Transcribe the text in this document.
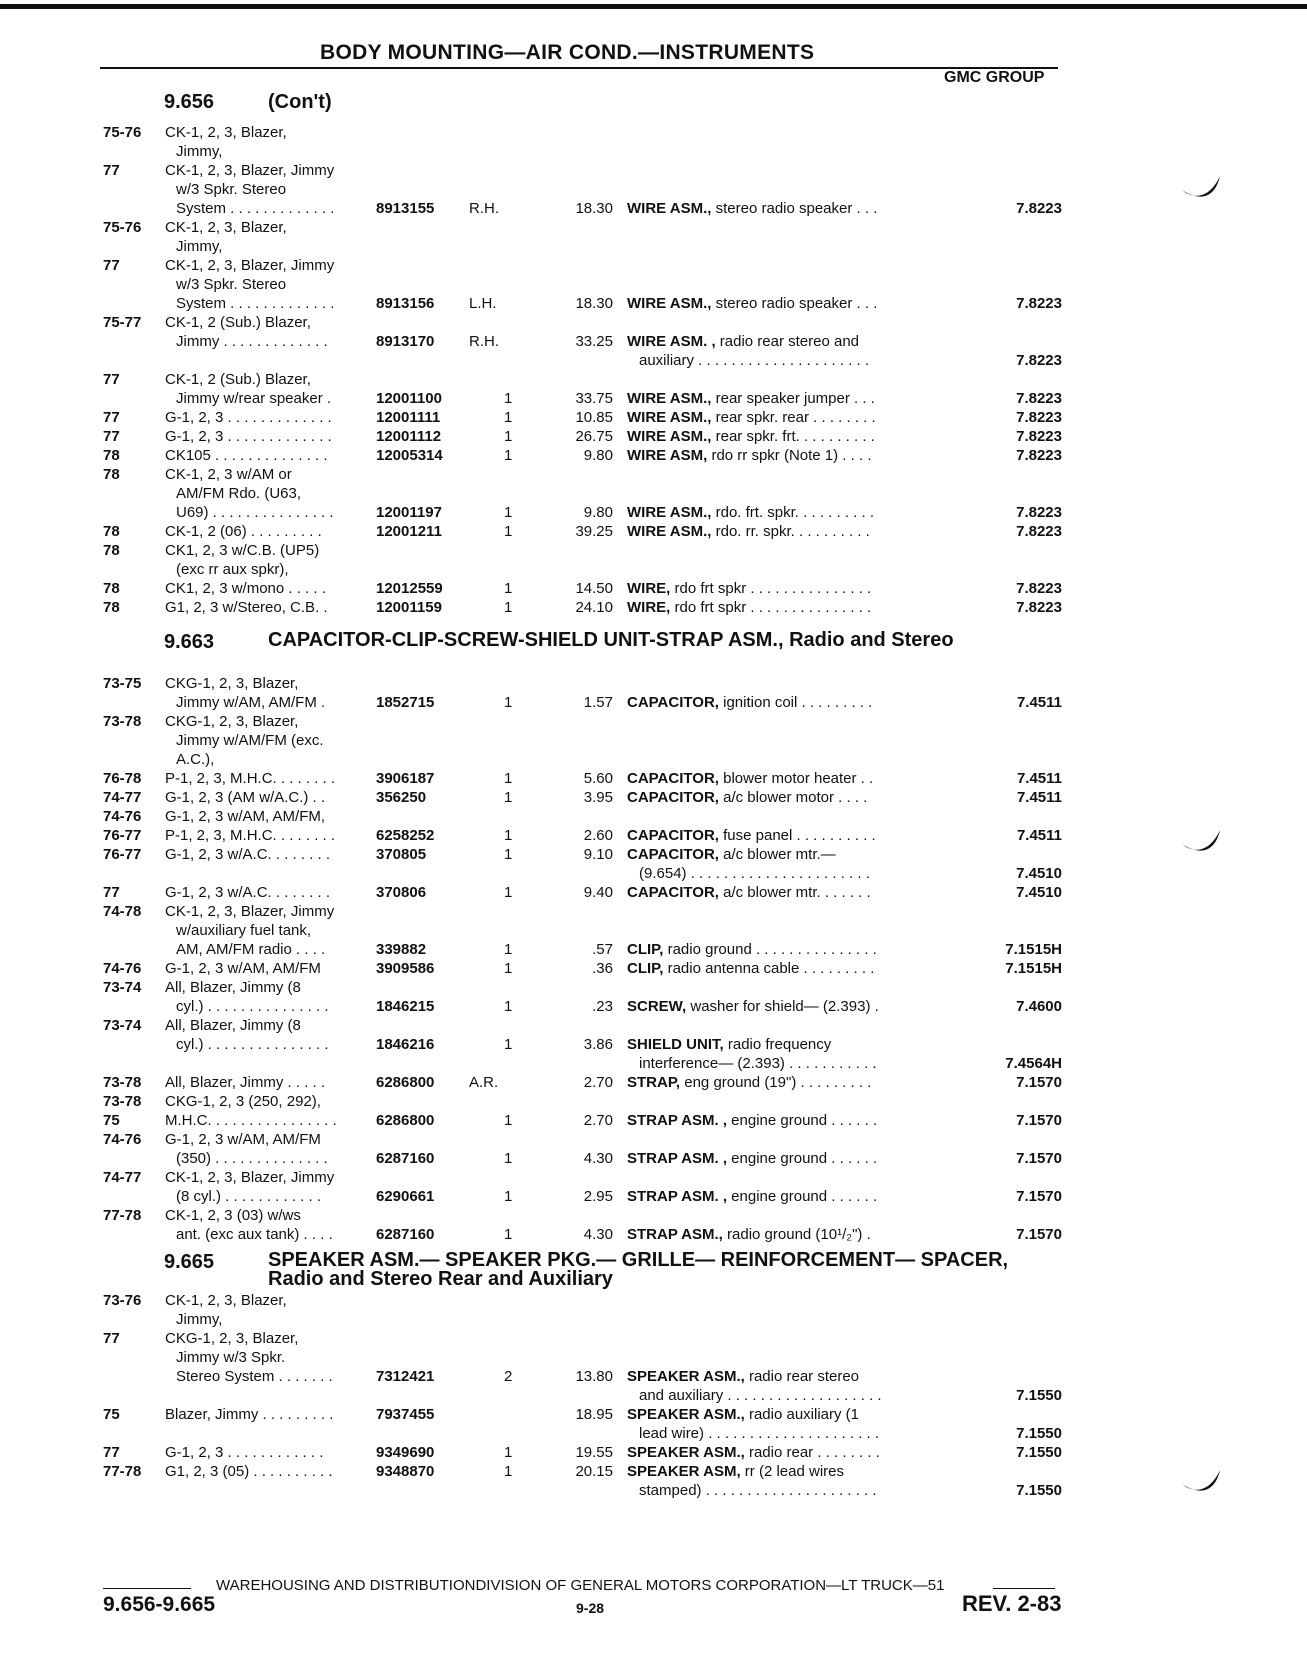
BODY MOUNTING—AIR COND.—INSTRUMENTS
GMC GROUP
9.656	(Con't)
9.663	CAPACITOR-CLIP-SCREW-SHIELD UNIT-STRAP ASM., Radio and Stereo
9.665	SPEAKER ASM.— SPEAKER PKG.— GRILLE— REINFORCEMENT— SPACER, Radio and Stereo Rear and Auxiliary
75-76 CK-1, 2, 3, Blazer,
Jimmy,
77	CK-1, 2, 3, Blazer, Jimmy
w/3 Spkr. Stereo
System . . . . . . . . . . . . .	8913155 R.H.	18.30 WIRE ASM., stereo radio speaker . . .	7.8223
75-76 CK-1, 2, 3, Blazer,
Jimmy,
77	CK-1, 2, 3, Blazer, Jimmy
w/3 Spkr. Stereo
System . . . . . . . . . . . . .	8913156 L.H.	18.30 WIRE ASM., stereo radio speaker . . .	7.8223
75-77 CK-1, 2 (Sub.) Blazer,
Jimmy . . . . . . . . . . . . .	8913170 R.H.	33.25 WIRE ASM. , radio rear stereo and
auxiliary . . . . . . . . . . . . . . . . . . . . .	7.8223
77	CK-1, 2 (Sub.) Blazer,
Jimmy w/rear speaker .	12001100	1	33.75 WIRE ASM., rear speaker jumper . . .	7.8223
77	G-1, 2, 3 . . . . . . . . . . . . .	12001111	1	10.85 WIRE ASM., rear spkr. rear . . . . . . . .	7.8223
77	G-1, 2, 3 . . . . . . . . . . . . .	12001112	1	26.75 WIRE ASM., rear spkr. frt. . . . . . . . . .	7.8223
78	CK105 . . . . . . . . . . . . . .	12005314	1	9.80 WIRE ASM, rdo rr spkr (Note 1) . . . .	7.8223
78	CK-1, 2, 3 w/AM or
AM/FM Rdo. (U63,
U69) . . . . . . . . . . . . . . .	12001197	1	9.80 WIRE ASM., rdo. frt. spkr. . . . . . . . . .	7.8223
78	CK-1, 2 (06) . . . . . . . . .	12001211	1	39.25 WIRE ASM., rdo. rr. spkr. . . . . . . . . .	7.8223
78	CK1, 2, 3 w/C.B. (UP5)
(exc rr aux spkr),
78	CK1, 2, 3 w/mono . . . . .	12012559	1	14.50 WIRE, rdo frt spkr . . . . . . . . . . . . . . .	7.8223
78	G1, 2, 3 w/Stereo, C.B. .	12001159	1	24.10 WIRE, rdo frt spkr . . . . . . . . . . . . . . .	7.8223
73-75 CKG-1, 2, 3, Blazer,
Jimmy w/AM, AM/FM .	1852715	1	1.57 CAPACITOR, ignition coil . . . . . . . . .	7.4511
73-78 CKG-1, 2, 3, Blazer,
Jimmy w/AM/FM (exc.
A.C.),
76-78 P-1, 2, 3, M.H.C. . . . . . . .	3906187	1	5.60 CAPACITOR, blower motor heater . .	7.4511
74-77 G-1, 2, 3 (AM w/A.C.) . .	356250	1	3.95 CAPACITOR, a/c blower motor . . . .	7.4511
74-76 G-1, 2, 3 w/AM, AM/FM,
76-77 P-1, 2, 3, M.H.C. . . . . . . .	6258252	1	2.60 CAPACITOR, fuse panel . . . . . . . . . .	7.4511
76-77 G-1, 2, 3 w/A.C. . . . . . . .	370805	1	9.10 CAPACITOR, a/c blower mtr.—
(9.654) . . . . . . . . . . . . . . . . . . . . . .	7.4510
77	G-1, 2, 3 w/A.C. . . . . . . .	370806	1	9.40 CAPACITOR, a/c blower mtr. . . . . . .	7.4510
74-78 CK-1, 2, 3, Blazer, Jimmy
w/auxiliary fuel tank,
AM, AM/FM radio . . . .	339882	1	.57 CLIP, radio ground . . . . . . . . . . . . . . .	7.1515H
74-76 G-1, 2, 3 w/AM, AM/FM	3909586	1	.36 CLIP, radio antenna cable . . . . . . . . .	7.1515H
73-74 All, Blazer, Jimmy (8
cyl.) . . . . . . . . . . . . . . .	1846215	1	.23 SCREW, washer for shield— (2.393) .	7.4600
73-74 All, Blazer, Jimmy (8
cyl.) . . . . . . . . . . . . . . .	1846216	1	3.86 SHIELD UNIT, radio frequency
interference— (2.393) . . . . . . . . . . .	7.4564H
73-78 All, Blazer, Jimmy . . . . .	6286800 A.R.	2.70 STRAP, eng ground (19") . . . . . . . . .	7.1570
73-78 CKG-1, 2, 3 (250, 292),
75	M.H.C. . . . . . . . . . . . . . . .	6286800	1	2.70 STRAP ASM. , engine ground . . . . . .	7.1570
74-76 G-1, 2, 3 w/AM, AM/FM
(350) . . . . . . . . . . . . . .	6287160	1	4.30 STRAP ASM. , engine ground . . . . . .	7.1570
74-77 CK-1, 2, 3, Blazer, Jimmy
(8 cyl.) . . . . . . . . . . . .	6290661	1	2.95 STRAP ASM. , engine ground . . . . . .	7.1570
77-78 CK-1, 2, 3 (03) w/ws
ant. (exc aux tank) . . . .	6287160	1	4.30 STRAP ASM., radio ground (10¹/₂") .	7.1570
73-76 CK-1, 2, 3, Blazer,
Jimmy,
77	CKG-1, 2, 3, Blazer,
Jimmy w/3 Spkr.
Stereo System . . . . . . .	7312421	2	13.80 SPEAKER ASM., radio rear stereo
and auxiliary . . . . . . . . . . . . . . . . . . .	7.1550
75	Blazer, Jimmy . . . . . . . . .	7937455	18.95 SPEAKER ASM., radio auxiliary (1
lead wire) . . . . . . . . . . . . . . . . . . . . .	7.1550
77	G-1, 2, 3 . . . . . . . . . . . .	9349690	1	19.55 SPEAKER ASM., radio rear . . . . . . . .	7.1550
77-78 G1, 2, 3 (05) . . . . . . . . . .	9348870	1	20.15 SPEAKER ASM, rr (2 lead wires
stamped) . . . . . . . . . . . . . . . . . . . . .	7.1550
WAREHOUSING AND DISTRIBUTIONDIVISION OF GENERAL MOTORS CORPORATION—LT TRUCK—51
9.656-9.665	9-28	REV. 2-83
